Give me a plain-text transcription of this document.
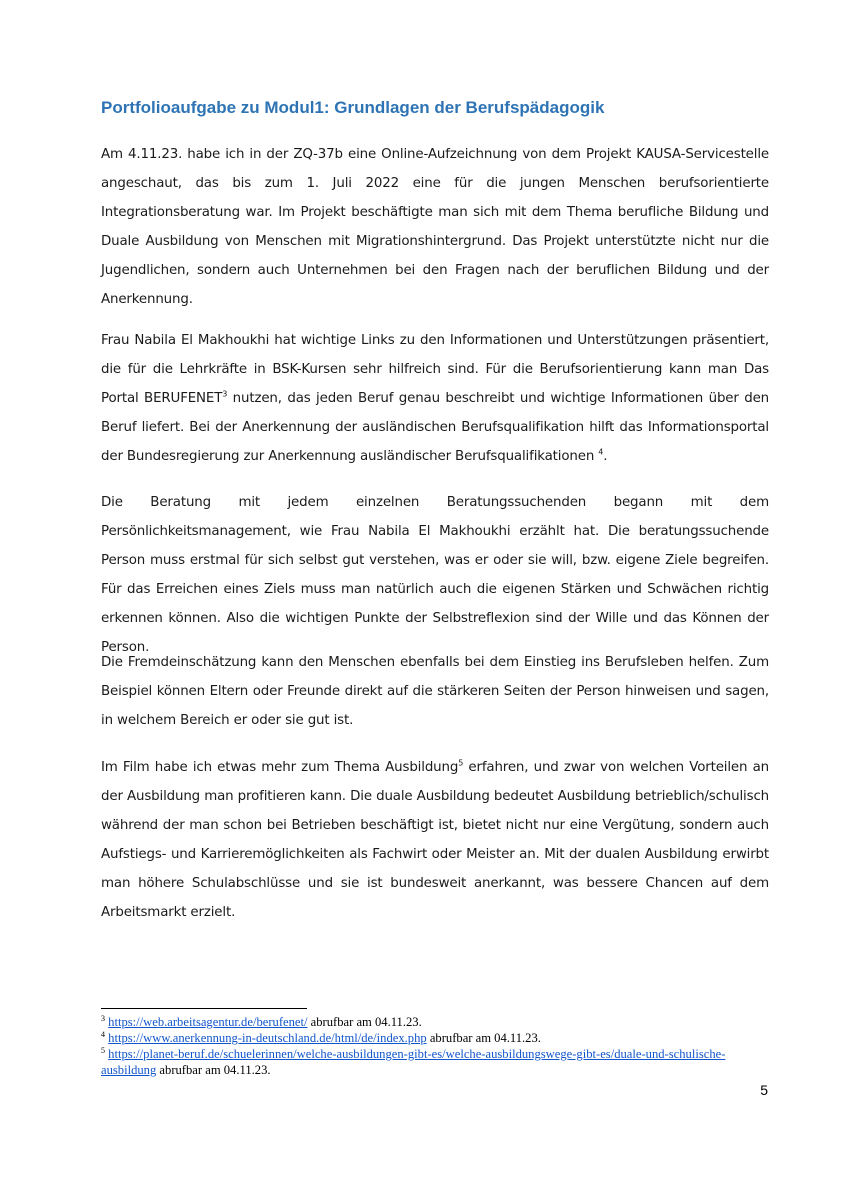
Portfolioaufgabe zu Modul1: Grundlagen der Berufspädagogik

Am 4.11.23. habe ich in der ZQ-37b eine Online-Aufzeichnung von dem Projekt KAUSA-Servicestelle angeschaut, das bis zum 1. Juli 2022 eine für die jungen Menschen berufsorientierte Integrationsberatung war. Im Projekt beschäftigte man sich mit dem Thema berufliche Bildung und Duale Ausbildung von Menschen mit Migrationshintergrund. Das Projekt unterstützte nicht nur die Jugendlichen, sondern auch Unternehmen bei den Fragen nach der beruflichen Bildung und der Anerkennung.

Frau Nabila El Makhoukhi hat wichtige Links zu den Informationen und Unterstützungen präsentiert, die für die Lehrkräfte in BSK-Kursen sehr hilfreich sind. Für die Berufsorientierung kann man Das Portal BERUFENET$^3$ nutzen, das jeden Beruf genau beschreibt und wichtige Informationen über den Beruf liefert. Bei der Anerkennung der ausländischen Berufsqualifikation hilft das Informationsportal der Bundesregierung zur Anerkennung ausländischer Berufsqualifikationen $^4$.

Die Beratung mit jedem einzelnen Beratungssuchenden begann mit dem Persönlichkeitsmanagement, wie Frau Nabila El Makhoukhi erzählt hat. Die beratungssuchende Person muss erstmal für sich selbst gut verstehen, was er oder sie will, bzw. eigene Ziele begreifen. Für das Erreichen eines Ziels muss man natürlich auch die eigenen Stärken und Schwächen richtig erkennen können. Also die wichtigen Punkte der Selbstreflexion sind der Wille und das Können der Person.

Die Fremdeinschätzung kann den Menschen ebenfalls bei dem Einstieg ins Berufsleben helfen. Zum Beispiel können Eltern oder Freunde direkt auf die stärkeren Seiten der Person hinweisen und sagen, in welchem Bereich er oder sie gut ist.

Im Film habe ich etwas mehr zum Thema Ausbildung$^5$ erfahren, und zwar von welchen Vorteilen an der Ausbildung man profitieren kann. Die duale Ausbildung bedeutet Ausbildung betrieblich/schulisch während der man schon bei Betrieben beschäftigt ist, bietet nicht nur eine Vergütung, sondern auch Aufstiegs- und Karrieremöglichkeiten als Fachwirt oder Meister an. Mit der dualen Ausbildung erwirbt man höhere Schulabschlüsse und sie ist bundesweit anerkannt, was bessere Chancen auf dem Arbeitsmarkt erzielt.

$^3$ https://web.arbeitsagentur.de/berufenet/ abrufbar am 04.11.23.

$^4$ https://www.anerkennung-in-deutschland.de/html/de/index.php abrufbar am 04.11.23.

$^5$ https://planet-beruf.de/schuelerinnen/welche-ausbildungen-gibt-es/welche-ausbildungswege-gibt-es/duale-und-schulische-ausbildung abrufbar am 04.11.23.

5
